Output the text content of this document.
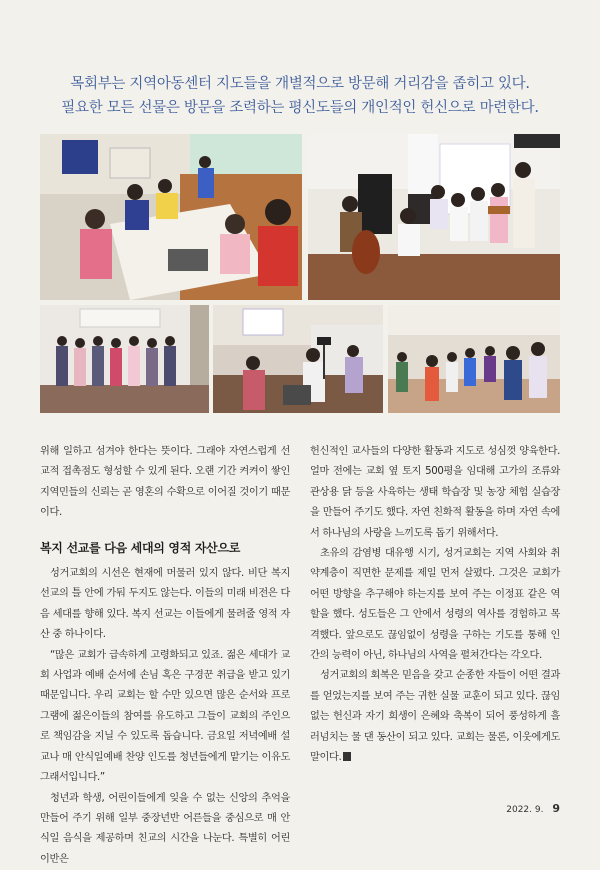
목회부는 지역아동센터 지도들을 개별적으로 방문해 거리감을 좁히고 있다.
필요한 모든 선물은 방문을 조력하는 평신도들의 개인적인 헌신으로 마련한다.

위해 일하고 섬겨야 한다는 뜻이다. 그래야 자연스럽게 선교적 접촉점도 형성할 수 있게 된다. 오랜 기간 켜켜이 쌓인 지역민들의 신뢰는 곧 영혼의 수확으로 이어질 것이기 때문이다.

복지 선교를 다음 세대의 영적 자산으로

성거교회의 시선은 현재에 머물러 있지 않다. 비단 복지 선교의 틀 안에 가둬 두지도 않는다. 이들의 미래 비전은 다음 세대를 향해 있다. 복지 선교는 이들에게 물려줄 영적 자산 중 하나이다.

“많은 교회가 급속하게 고령화되고 있죠. 젊은 세대가 교회 사업과 예배 순서에 손님 혹은 구경꾼 취급을 받고 있기 때문입니다. 우리 교회는 할 수만 있으면 많은 순서와 프로그램에 젊은이들의 참여를 유도하고 그들이 교회의 주인으로 책임감을 지닐 수 있도록 돕습니다. 금요일 저녁예배 설교나 매 안식일예배 찬양 인도를 청년들에게 맡기는 이유도 그래서입니다.”

청년과 학생, 어린이들에게 잊을 수 없는 신앙의 추억을 만들어 주기 위해 일부 중장년반 어른들을 중심으로 매 안식일 음식을 제공하며 친교의 시간을 나눈다. 특별히 어린이반은

헌신적인 교사들의 다양한 활동과 지도로 성심껏 양육한다. 얼마 전에는 교회 옆 토지 500평을 임대해 고가의 조류와 관상용 닭 등을 사육하는 생태 학습장 및 농장 체험 실습장을 만들어 주기도 했다. 자연 친화적 활동을 하며 자연 속에서 하나님의 사랑을 느끼도록 돕기 위해서다.

초유의 감염병 대유행 시기, 성거교회는 지역 사회와 취약계층이 직면한 문제를 제일 먼저 살폈다. 그것은 교회가 어떤 방향을 추구해야 하는지를 보여 주는 이정표 같은 역할을 했다. 성도들은 그 안에서 성령의 역사를 경험하고 목격했다. 앞으로도 끊임없이 성령을 구하는 기도를 통해 인간의 능력이 아닌, 하나님의 사역을 펼쳐간다는 각오다.

성거교회의 회복은 믿음을 갖고 순종한 자들이 어떤 결과를 얻었는지를 보여 주는 귀한 실물 교훈이 되고 있다. 끊임없는 헌신과 자기 희생이 은혜와 축복이 되어 풍성하게 흘러넘치는 물 댄 동산이 되고 있다. 교회는 물론, 이웃에게도 말이다.

2022. 9. 9
